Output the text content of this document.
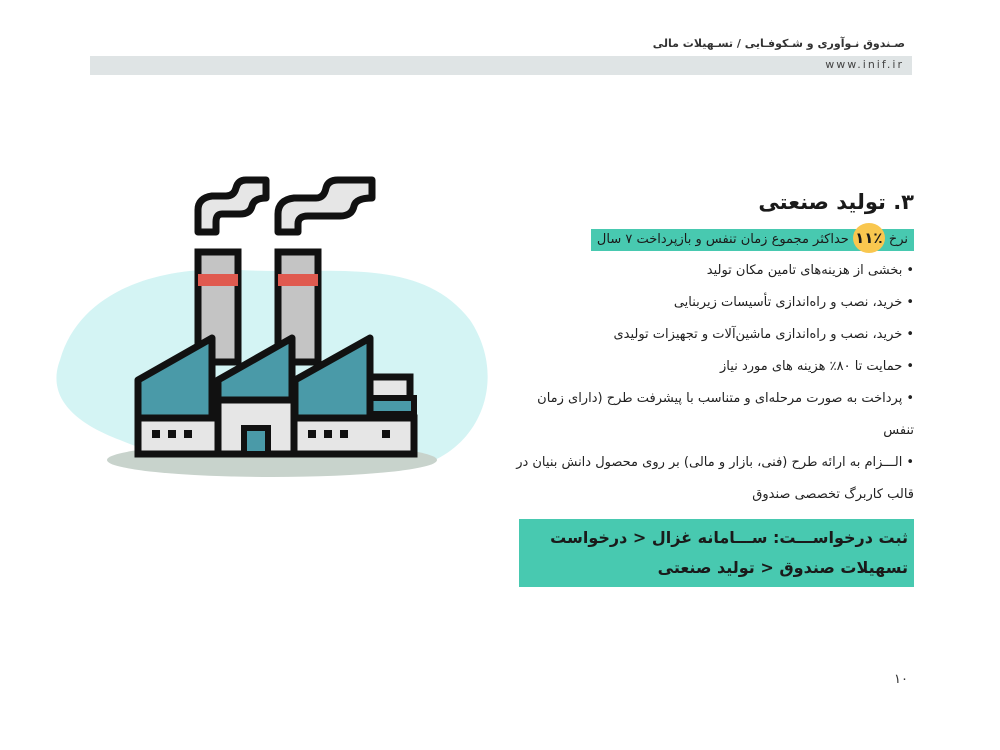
صـندوق نـوآوری و شـکوفـایی / تسـهیلات مالی
www.inif.ir
۳. تولید صنعتی
نرخ
۱۱٪
حداکثر مجموع زمان تنفس و بازپرداخت ۷ سال
• بخشی از هزینه‌های تامین مکان تولید
• خرید، نصب و راه‌اندازی تأسیسات زیربنایی
• خرید، نصب و راه‌اندازی ماشین‌آلات و تجهیزات تولیدی
• حمایت تا ۸۰٪ هزینه های مورد نیاز
• پرداخت به صورت مرحله‌ای و متناسب با پیشرفت طرح (دارای زمان تنفس
• الـــزام به ارائه طرح (فنی، بازار و مالی) بر روی محصول دانش بنیان در قالب کاربرگ تخصصی صندوق
ثبت درخواســـت: ســـامانه غزال < درخواست تسهیلات صندوق < تولید صنعتی
۱۰
